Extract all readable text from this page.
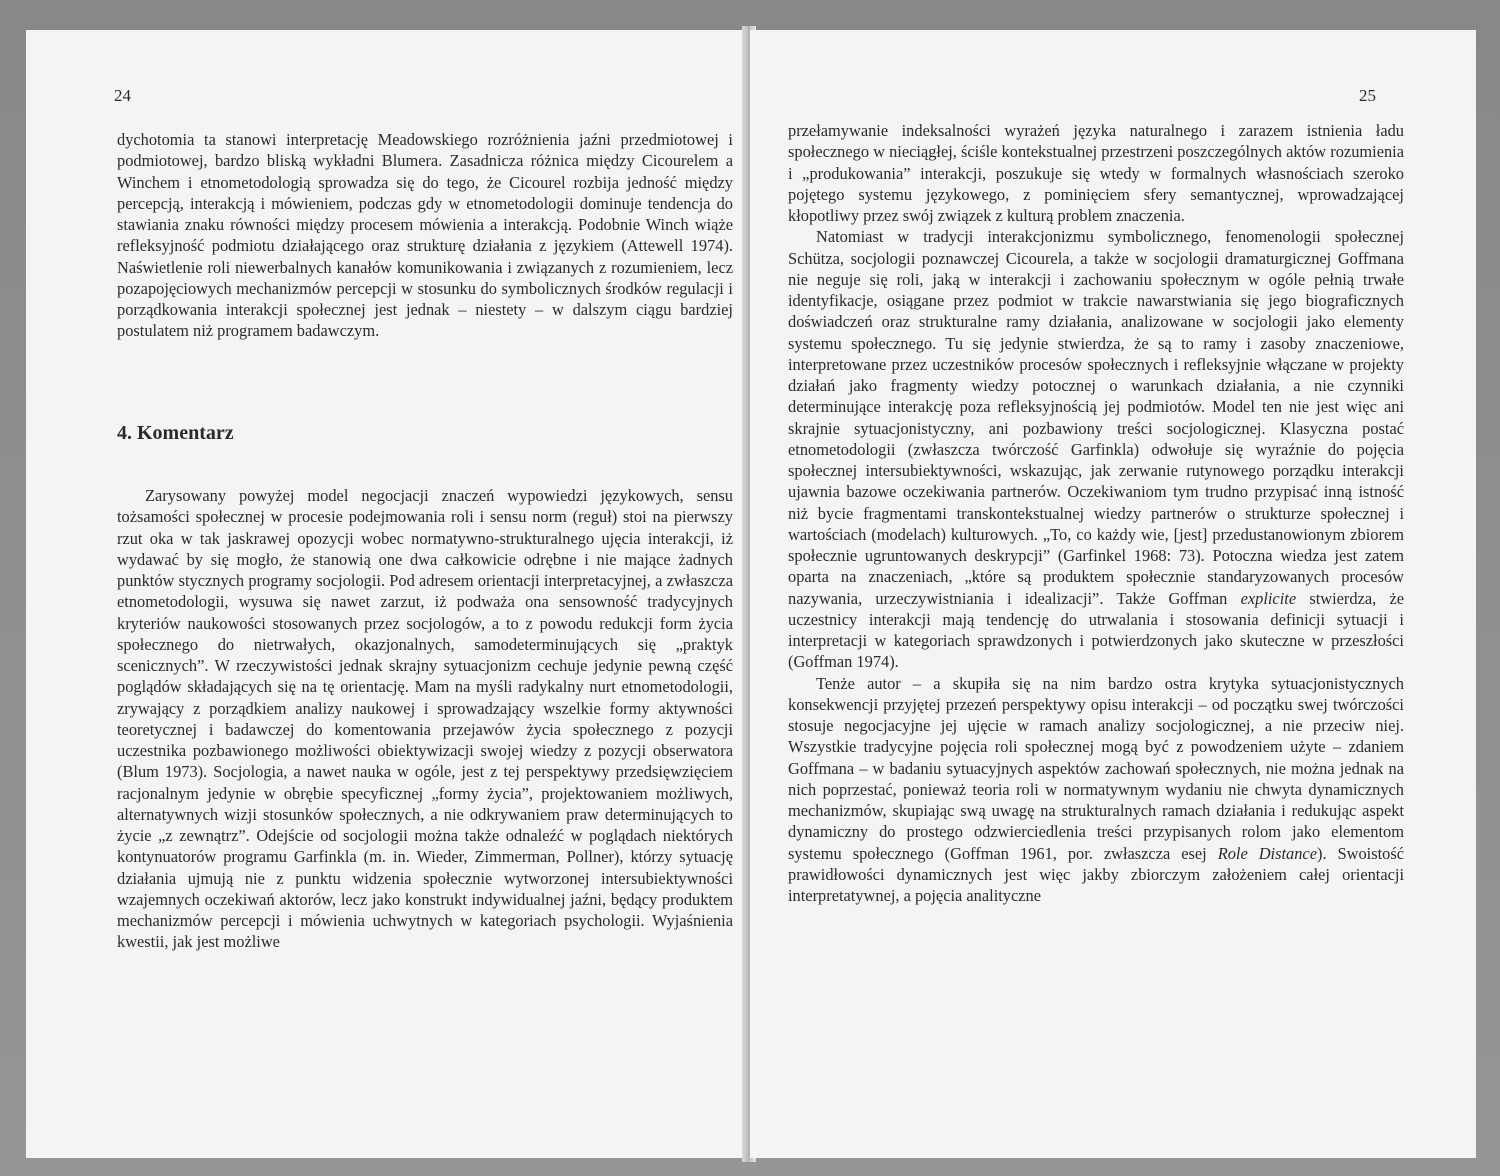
24

dychotomia ta stanowi interpretację Meadowskiego rozróżnienia jaźni przedmiotowej i podmiotowej, bardzo bliską wykładni Blumera. Zasadnicza różnica między Cicourelem a Winchem i etnometodologią sprowadza się do tego, że Cicourel rozbija jedność między percepcją, interakcją i mówieniem, podczas gdy w etnometodologii dominuje tendencja do stawiania znaku równości między procesem mówienia a interakcją. Podobnie Winch wiąże refleksyjność podmiotu działającego oraz strukturę działania z językiem (Attewell 1974). Naświetlenie roli niewerbalnych kanałów komunikowania i związanych z rozumieniem, lecz pozapojęciowych mechanizmów percepcji w stosunku do symbolicznych środków regulacji i porządkowania interakcji społecznej jest jednak – niestety – w dalszym ciągu bardziej postulatem niż programem badawczym.

4. Komentarz

Zarysowany powyżej model negocjacji znaczeń wypowiedzi językowych, sensu tożsamości społecznej w procesie podejmowania roli i sensu norm (reguł) stoi na pierwszy rzut oka w tak jaskrawej opozycji wobec normatywno-strukturalnego ujęcia interakcji, iż wydawać by się mogło, że stanowią one dwa całkowicie odrębne i nie mające żadnych punktów stycznych programy socjologii. Pod adresem orientacji interpretacyjnej, a zwłaszcza etnometodologii, wysuwa się nawet zarzut, iż podważa ona sensowność tradycyjnych kryteriów naukowości stosowanych przez socjologów, a to z powodu redukcji form życia społecznego do nietrwałych, okazjonalnych, samodeterminujących się „praktyk scenicznych”. W rzeczywistości jednak skrajny sytuacjonizm cechuje jedynie pewną część poglądów składających się na tę orientację. Mam na myśli radykalny nurt etnometodologii, zrywający z porządkiem analizy naukowej i sprowadzający wszelkie formy aktywności teoretycznej i badawczej do komentowania przejawów życia społecznego z pozycji uczestnika pozbawionego możliwości obiektywizacji swojej wiedzy z pozycji obserwatora (Blum 1973). Socjologia, a nawet nauka w ogóle, jest z tej perspektywy przedsięwzięciem racjonalnym jedynie w obrębie specyficznej „formy życia”, projektowaniem możliwych, alternatywnych wizji stosunków społecznych, a nie odkrywaniem praw determinujących to życie „z zewnątrz”. Odejście od socjologii można także odnaleźć w poglądach niektórych kontynuatorów programu Garfinkla (m. in. Wieder, Zimmerman, Pollner), którzy sytuację działania ujmują nie z punktu widzenia społecznie wytworzonej intersubiektywności wzajemnych oczekiwań aktorów, lecz jako konstrukt indywidualnej jaźni, będący produktem mechanizmów percepcji i mówienia uchwytnych w kategoriach psychologii. Wyjaśnienia kwestii, jak jest możliwe

25

przełamywanie indeksalności wyrażeń języka naturalnego i zarazem istnienia ładu społecznego w nieciągłej, ściśle kontekstualnej przestrzeni poszczególnych aktów rozumienia i „produkowania” interakcji, poszukuje się wtedy w formalnych własnościach szeroko pojętego systemu językowego, z pominięciem sfery semantycznej, wprowadzającej kłopotliwy przez swój związek z kulturą problem znaczenia.

Natomiast w tradycji interakcjonizmu symbolicznego, fenomenologii społecznej Schütza, socjologii poznawczej Cicourela, a także w socjologii dramaturgicznej Goffmana nie neguje się roli, jaką w interakcji i zachowaniu społecznym w ogóle pełnią trwałe identyfikacje, osiągane przez podmiot w trakcie nawarstwiania się jego biograficznych doświadczeń oraz strukturalne ramy działania, analizowane w socjologii jako elementy systemu społecznego. Tu się jedynie stwierdza, że są to ramy i zasoby znaczeniowe, interpretowane przez uczestników procesów społecznych i refleksyjnie włączane w projekty działań jako fragmenty wiedzy potocznej o warunkach działania, a nie czynniki determinujące interakcję poza refleksyjnością jej podmiotów. Model ten nie jest więc ani skrajnie sytuacjonistyczny, ani pozbawiony treści socjologicznej. Klasyczna postać etnometodologii (zwłaszcza twórczość Garfinkla) odwołuje się wyraźnie do pojęcia społecznej intersubiektywności, wskazując, jak zerwanie rutynowego porządku interakcji ujawnia bazowe oczekiwania partnerów. Oczekiwaniom tym trudno przypisać inną istność niż bycie fragmentami transkontekstualnej wiedzy partnerów o strukturze społecznej i wartościach (modelach) kulturowych. „To, co każdy wie, [jest] przedustanowionym zbiorem społecznie ugruntowanych deskrypcji” (Garfinkel 1968: 73). Potoczna wiedza jest zatem oparta na znaczeniach, „które są produktem społecznie standaryzowanych procesów nazywania, urzeczywistniania i idealizacji”. Także Goffman explicite stwierdza, że uczestnicy interakcji mają tendencję do utrwalania i stosowania definicji sytuacji i interpretacji w kategoriach sprawdzonych i potwierdzonych jako skuteczne w przeszłości (Goffman 1974).

Tenże autor – a skupiła się na nim bardzo ostra krytyka sytuacjonistycznych konsekwencji przyjętej przezeń perspektywy opisu interakcji – od początku swej twórczości stosuje negocjacyjne jej ujęcie w ramach analizy socjologicznej, a nie przeciw niej. Wszystkie tradycyjne pojęcia roli społecznej mogą być z powodzeniem użyte – zdaniem Goffmana – w badaniu sytuacyjnych aspektów zachowań społecznych, nie można jednak na nich poprzestać, ponieważ teoria roli w normatywnym wydaniu nie chwyta dynamicznych mechanizmów, skupiając swą uwagę na strukturalnych ramach działania i redukując aspekt dynamiczny do prostego odzwierciedlenia treści przypisanych rolom jako elementom systemu społecznego (Goffman 1961, por. zwłaszcza esej Role Distance). Swoistość prawidłowości dynamicznych jest więc jakby zbiorczym założeniem całej orientacji interpretatywnej, a pojęcia analityczne
